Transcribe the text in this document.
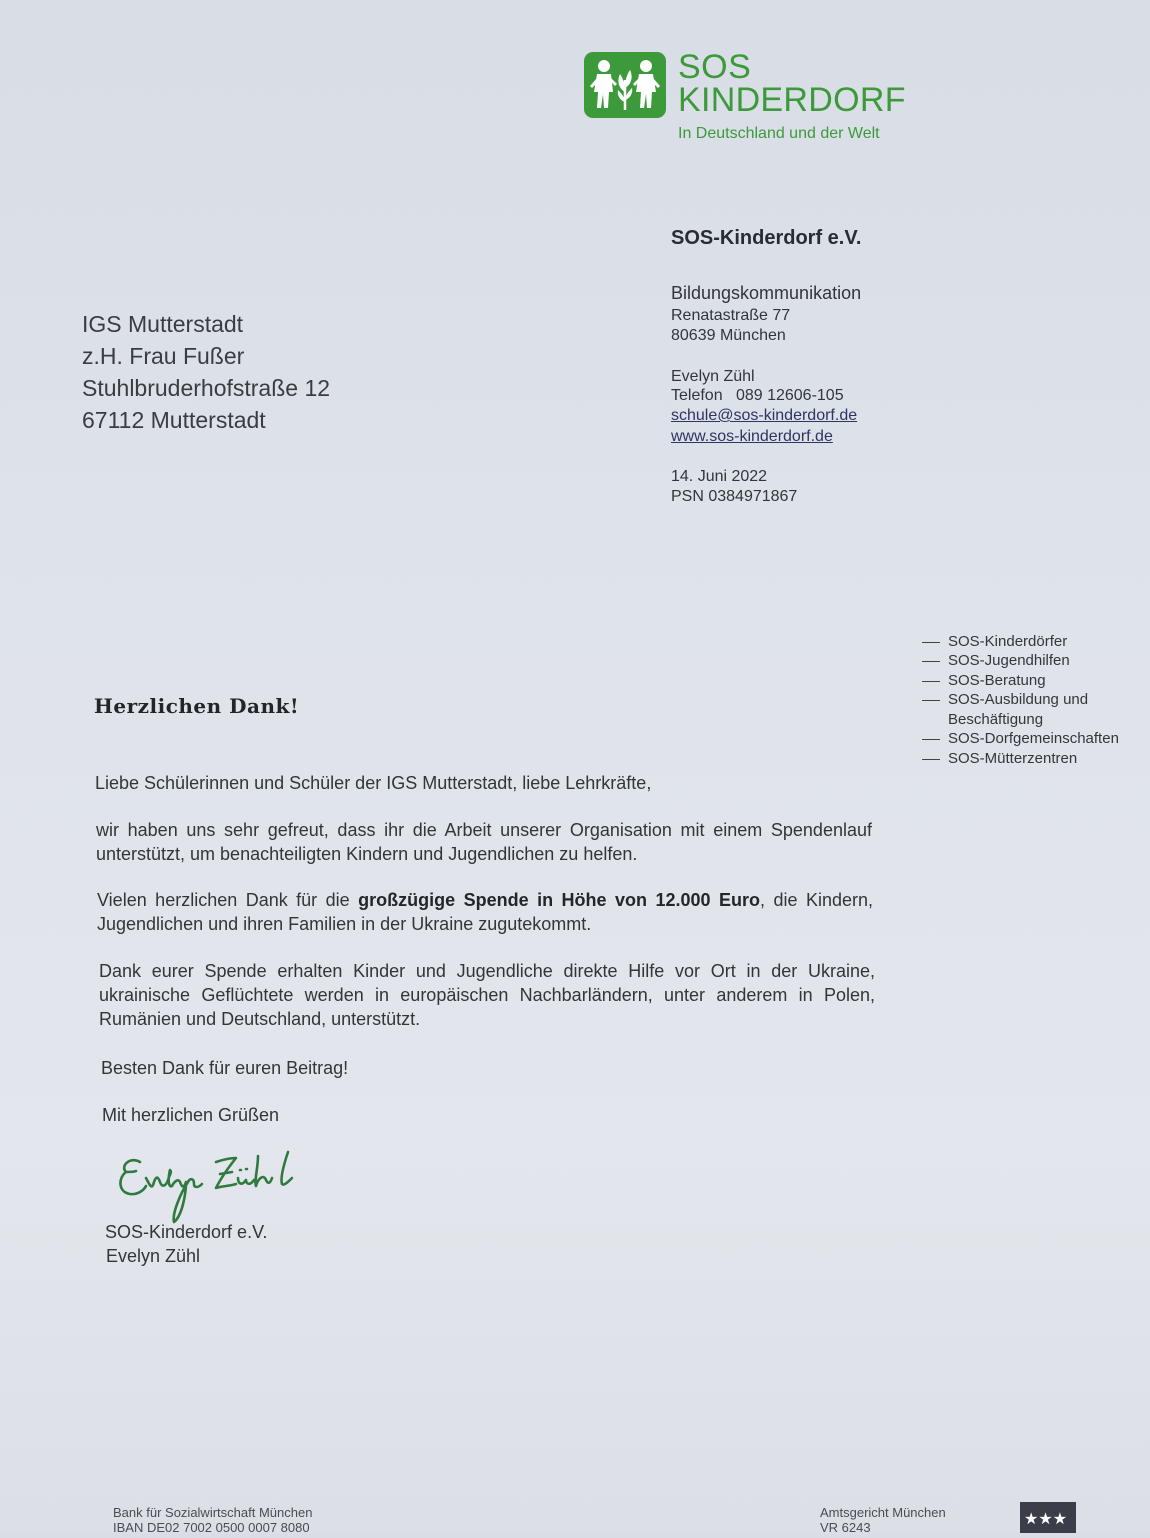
SOS
KINDERDORF
In Deutschland und der Welt
SOS-Kinderdorf e.V.
Bildungskommunikation
Renatastraße 77
80639 München
Evelyn Zühl
Telefon 089 12606-105
schule@sos-kinderdorf.de
www.sos-kinderdorf.de
14. Juni 2022
PSN 0384971867
IGS Mutterstadt
z.H. Frau Fußer
Stuhlbruderhofstraße 12
67112 Mutterstadt
SOS-Kinderdörfer
SOS-Jugendhilfen
SOS-Beratung
SOS-Ausbildung und
Beschäftigung
SOS-Dorfgemeinschaften
SOS-Mütterzentren
Herzlichen Dank!
Liebe Schülerinnen und Schüler der IGS Mutterstadt, liebe Lehrkräfte,
wir haben uns sehr gefreut, dass ihr die Arbeit unserer Organisation mit einem Spendenlauf unterstützt, um benachteiligten Kindern und Jugendlichen zu helfen.
Vielen herzlichen Dank für die großzügige Spende in Höhe von 12.000 Euro, die Kindern, Jugendlichen und ihren Familien in der Ukraine zugutekommt.
Dank eurer Spende erhalten Kinder und Jugendliche direkte Hilfe vor Ort in der Ukraine, ukrainische Geflüchtete werden in europäischen Nachbarländern, unter anderem in Polen, Rumänien und Deutschland, unterstützt.
Besten Dank für euren Beitrag!
Mit herzlichen Grüßen
SOS-Kinderdorf e.V.
Evelyn Zühl
Bank für Sozialwirtschaft München
IBAN DE02 7002 0500 0007 8080
Amtsgericht München
VR 6243	★★★
